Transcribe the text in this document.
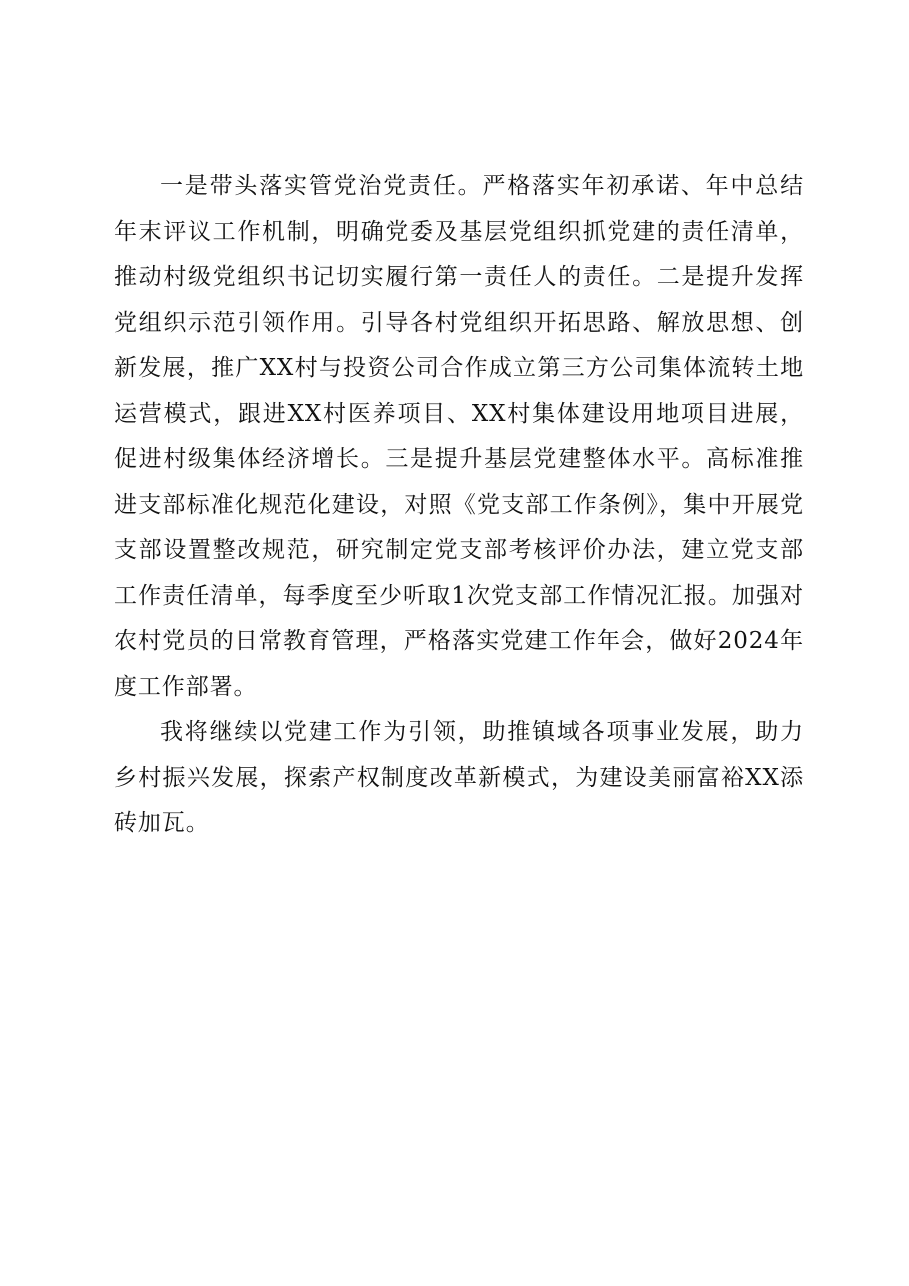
一是带头落实管党治党责任。严格落实年初承诺、年中总结年末评议工作机制，明确党委及基层党组织抓党建的责任清单，推动村级党组织书记切实履行第一责任人的责任。二是提升发挥党组织示范引领作用。引导各村党组织开拓思路、解放思想、创新发展，推广XX村与投资公司合作成立第三方公司集体流转土地运营模式，跟进XX村医养项目、XX村集体建设用地项目进展，促进村级集体经济增长。三是提升基层党建整体水平。高标准推进支部标准化规范化建设，对照《党支部工作条例》，集中开展党支部设置整改规范，研究制定党支部考核评价办法，建立党支部工作责任清单，每季度至少听取1次党支部工作情况汇报。加强对农村党员的日常教育管理，严格落实党建工作年会，做好2024年度工作部署。

我将继续以党建工作为引领，助推镇域各项事业发展，助力乡村振兴发展，探索产权制度改革新模式，为建设美丽富裕XX添砖加瓦。
